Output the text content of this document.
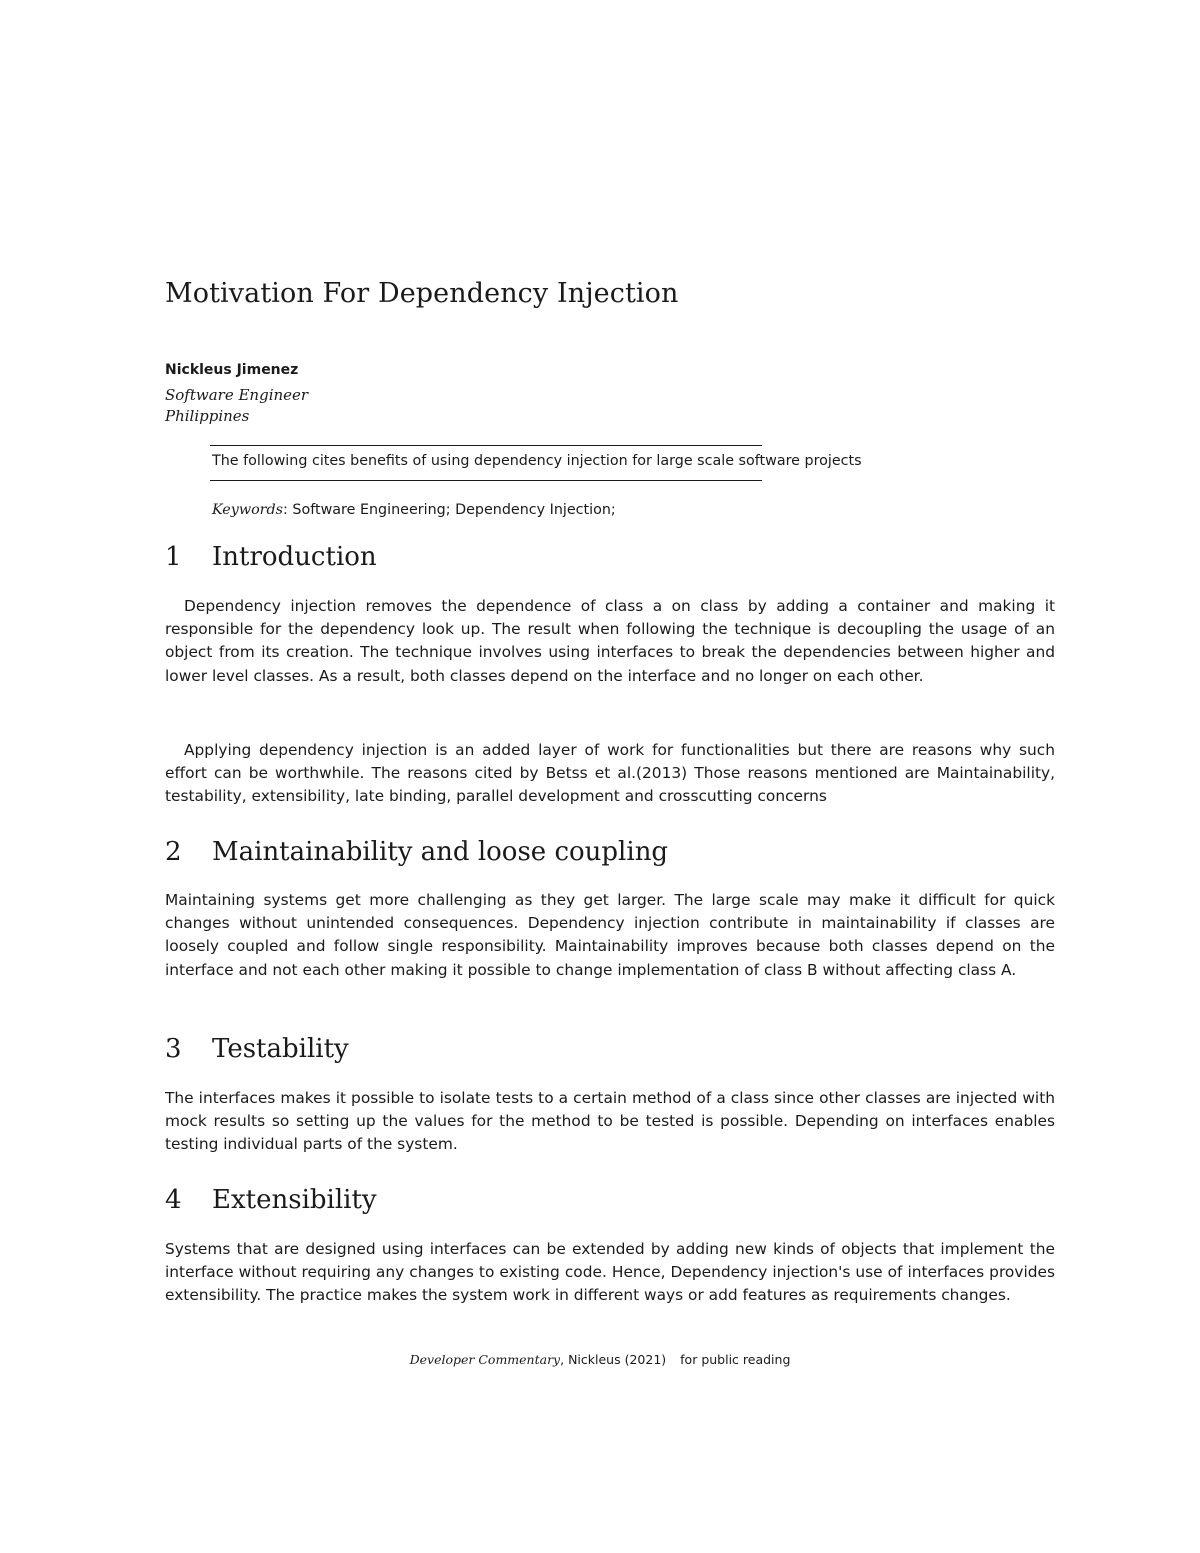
Motivation For Dependency Injection
Nickleus Jimenez
Software Engineer
Philippines
The following cites benefits of using dependency injection for large scale software projects
Keywords: Software Engineering; Dependency Injection;
1 Introduction

Dependency injection removes the dependence of class a on class by adding a container and making it responsible for the dependency look up. The result when following the technique is decoupling the usage of an object from its creation. The technique involves using interfaces to break the dependencies between higher and lower level classes. As a result, both classes depend on the interface and no longer on each other.

Applying dependency injection is an added layer of work for functionalities but there are reasons why such effort can be worthwhile. The reasons cited by Betss et al.(2013) Those reasons mentioned are Maintainability, testability, extensibility, late binding, parallel development and crosscutting concerns

2 Maintainability and loose coupling

Maintaining systems get more challenging as they get larger. The large scale may make it difficult for quick changes without unintended consequences. Dependency injection contribute in maintainability if classes are loosely coupled and follow single responsibility. Maintainability improves because both classes depend on the interface and not each other making it possible to change implementation of class B without affecting class A.

3 Testability

The interfaces makes it possible to isolate tests to a certain method of a class since other classes are injected with mock results so setting up the values for the method to be tested is possible. Depending on interfaces enables testing individual parts of the system.

4 Extensibility

Systems that are designed using interfaces can be extended by adding new kinds of objects that implement the interface without requiring any changes to existing code. Hence, Dependency injection's use of interfaces provides extensibility. The practice makes the system work in different ways or add features as requirements changes.

Developer Commentary, Nickleus (2021) for public reading
